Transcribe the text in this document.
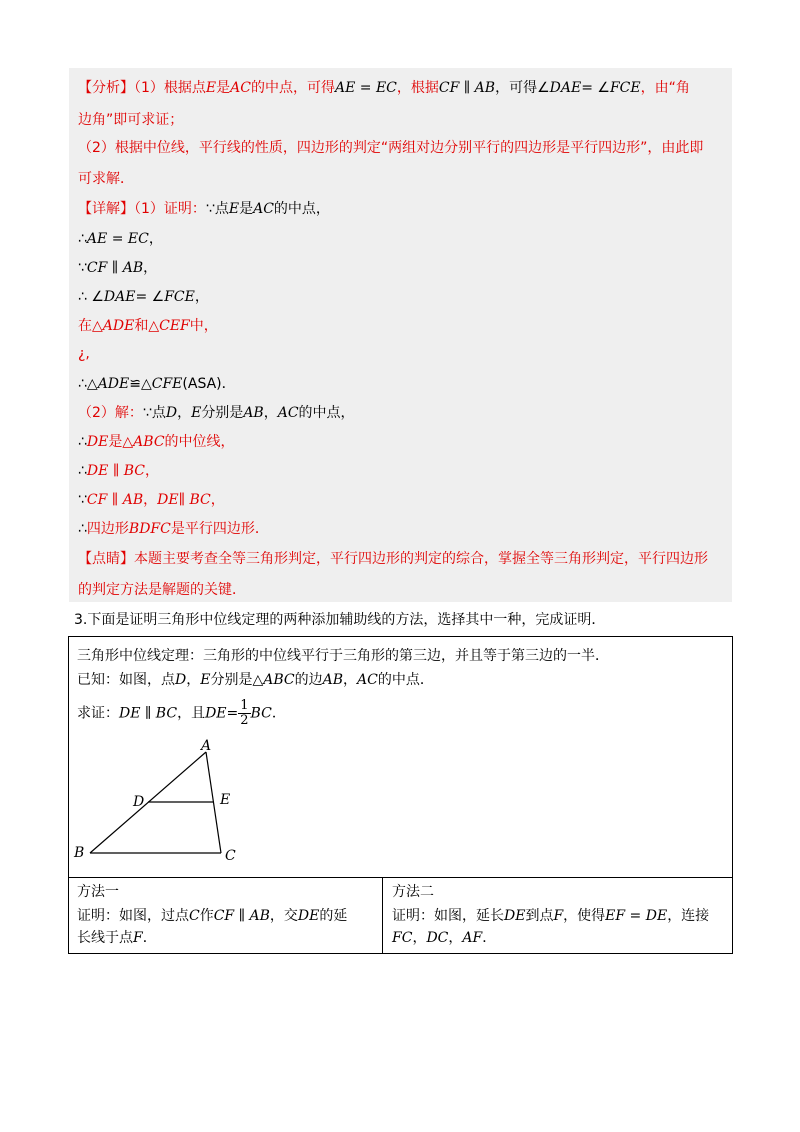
【分析】（1）根据点E是AC的中点，可得AE = EC，根据CF ∥ AB，可得∠DAE= ∠FCE，由“角
边角”即可求证；
（2）根据中位线，平行线的性质，四边形的判定“两组对边分别平行的四边形是平行四边形”，由此即
可求解．
【详解】（1）证明：∵点E是AC的中点，
∴AE = EC，
∵CF ∥ AB，
∴ ∠DAE= ∠FCE，
在△ADE和△CEF中，
¿,
∴△ADE≌△CFE(ASA)．
（2）解：∵点D，E分别是AB，AC的中点，
∴DE是△ABC的中位线，
∴DE ∥ BC，
∵CF ∥ AB，DE∥ BC，
∴四边形BDFC是平行四边形．
【点睛】本题主要考查全等三角形判定，平行四边形的判定的综合，掌握全等三角形判定，平行四边形
的判定方法是解题的关键．
3.下面是证明三角形中位线定理的两种添加辅助线的方法，选择其中一种，完成证明．
三角形中位线定理：三角形的中位线平行于三角形的第三边，并且等于第三边的一半．
已知：如图，点D，E分别是△ABC的边AB，AC的中点．
求证：DE ∥ BC，且$DE= \frac{1}{2}$ BC．
A
B	C
D	E
方法一
证明：如图，过点C作CF ∥ AB，交DE的延
长线于点F．
方法二
证明：如图，延长DE到点F，使得EF = DE，连接
FC，DC，AF．
